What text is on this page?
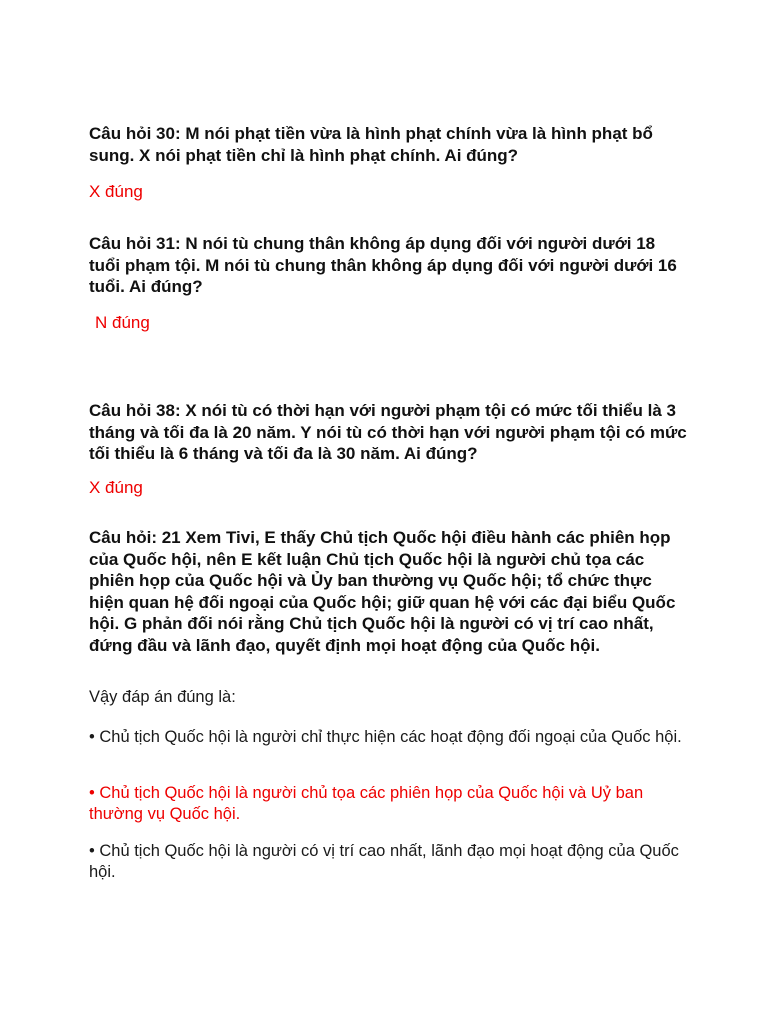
Câu hỏi 30: M nói phạt tiền vừa là hình phạt chính vừa là hình phạt bổ sung. X nói phạt tiền chỉ là hình phạt chính. Ai đúng?

X đúng

Câu hỏi 31: N nói tù chung thân không áp dụng đối với người dưới 18 tuổi phạm tội. M nói tù chung thân không áp dụng đối với người dưới 16 tuổi. Ai đúng?

N đúng

Câu hỏi 38: X nói tù có thời hạn với người phạm tội có mức tối thiểu là 3 tháng và tối đa là 20 năm. Y nói tù có thời hạn với người phạm tội có mức tối thiểu là 6 tháng và tối đa là 30 năm. Ai đúng?

X đúng

Câu hỏi: 21 Xem Tivi, E thấy Chủ tịch Quốc hội điều hành các phiên họp của Quốc hội, nên E kết luận Chủ tịch Quốc hội là người chủ tọa các phiên họp của Quốc hội và Ủy ban thường vụ Quốc hội; tổ chức thực hiện quan hệ đối ngoại của Quốc hội; giữ quan hệ với các đại biểu Quốc hội. G phản đối nói rằng Chủ tịch Quốc hội là người có vị trí cao nhất, đứng đầu và lãnh đạo, quyết định mọi hoạt động của Quốc hội.

Vậy đáp án đúng là:

• Chủ tịch Quốc hội là người chỉ thực hiện các hoạt động đối ngoại của Quốc hội.

• Chủ tịch Quốc hội là người chủ tọa các phiên họp của Quốc hội và Uỷ ban thường vụ Quốc hội.

• Chủ tịch Quốc hội là người có vị trí cao nhất, lãnh đạo mọi hoạt động của Quốc hội.
